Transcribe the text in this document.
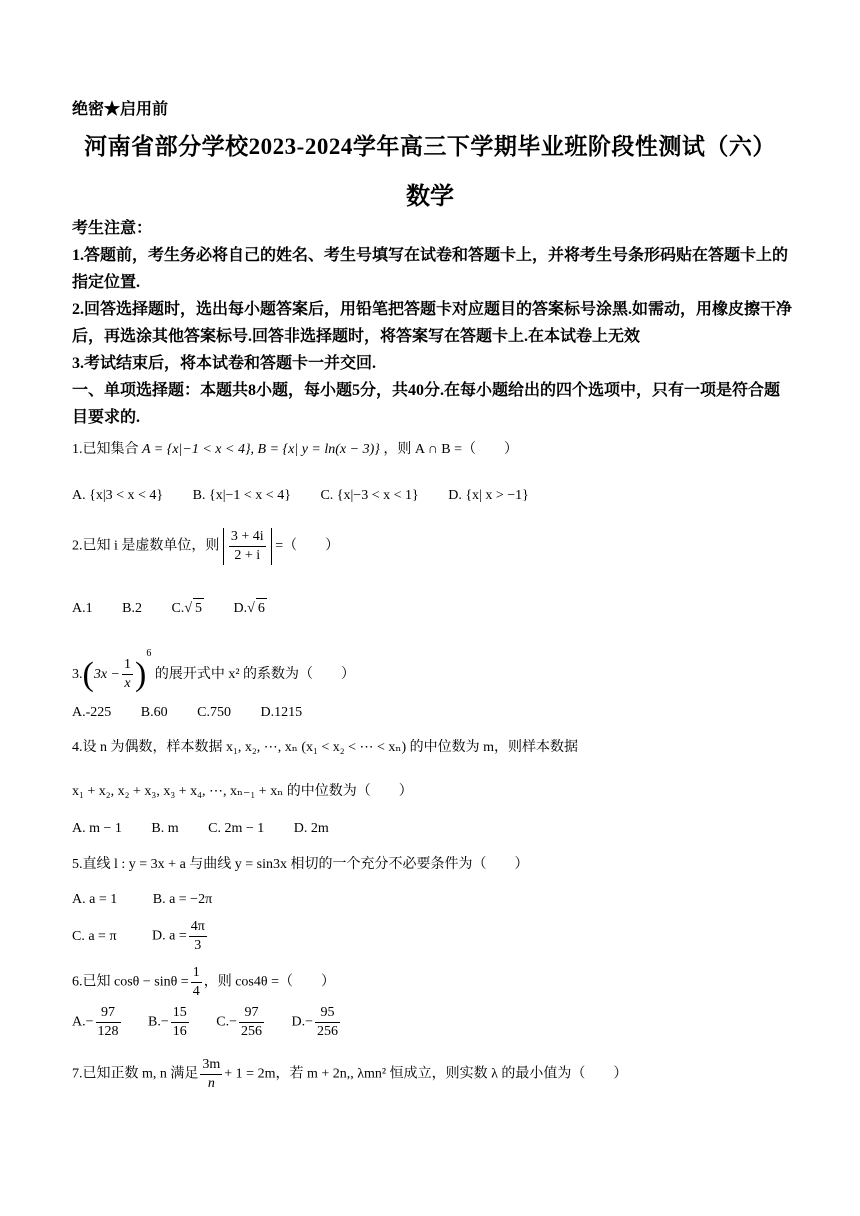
绝密★启用前
河南省部分学校2023-2024学年高三下学期毕业班阶段性测试（六）
数学

考生注意：

1.答题前，考生务必将自己的姓名、考生号填写在试卷和答题卡上，并将考生号条形码贴在答题卡上的指定位置.

2.回答选择题时，选出每小题答案后，用铅笔把答题卡对应题目的答案标号涂黑.如需动，用橡皮擦干净后，再选涂其他答案标号.回答非选择题时，将答案写在答题卡上.在本试卷上无效

3.考试结束后，将本试卷和答题卡一并交回.

一、单项选择题：本题共8小题，每小题5分，共40分.在每小题给出的四个选项中，只有一项是符合题目要求的.
1.已知集合 A = {x|−1 < x < 4}, B = {x| y = ln(x − 3)} ，则 A ∩ B =（　　）
A. {x|3 < x < 4} B. {x|−1 < x < 4} C. {x|−3 < x < 1} D. {x| x > −1}
2.已知 i 是虚数单位，则 $\frac{3 + 4i}{2 + i}$ =（　　）
A.1 B.2 C.√ 5 D.√ 6
$3.(3x - \frac{1}{x} )^6$ 的展开式中 x² 的系数为（　　）
A.-225 B.60 C.750 D.1215
4.设 n 为偶数，样本数据 x₁, x₂, ⋯, xₙ (x₁ < x₂ < ⋯ < xₙ) 的中位数为 m，则样本数据
x₁ + x₂, x₂ + x₃, x₃ + x₄, ⋯, xₙ₋₁ + xₙ 的中位数为（　　）
A. m − 1 B. m C. 2m − 1 D. 2m
5.直线 l : y = 3x + a 与曲线 y = sin3x 相切的一个充分不必要条件为（　　）
A. a = 1	B. a = −2π
C. a = π	D. $a = \frac{4\pi}{3}$
6.已知 $\cos\theta - \sin\theta = \frac{1}{4}$ ，则 cos4θ =（　　）
$A.- \frac{97}{128} B.- \frac{15}{16} C.- \frac{97}{256} D.- \frac{95}{256}$
7.已知正数 m, n 满足 $\frac{3m}{n} + 1 = 2m$，若 m + 2n,, λmn² 恒成立，则实数 λ 的最小值为（　　）
